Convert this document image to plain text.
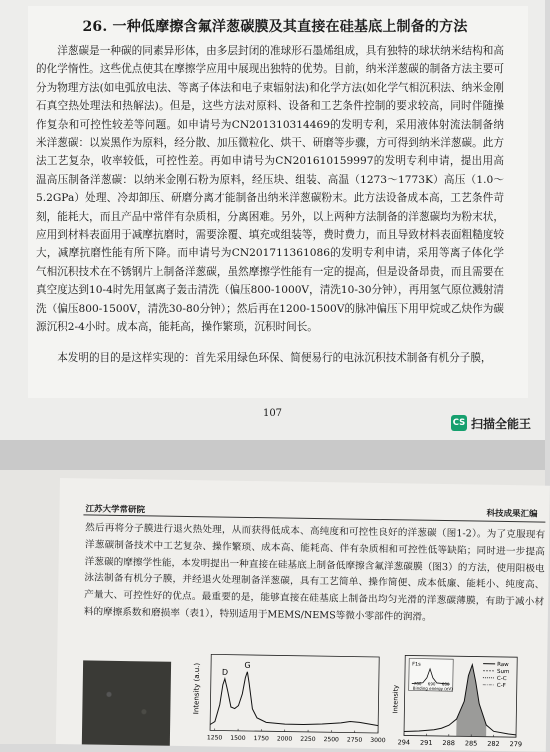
26. 一种低摩擦含氟洋葱碳膜及其直接在硅基底上制备的方法

洋葱碳是一种碳的同素异形体，由多层封闭的准球形石墨烯组成，具有独特的球状纳米结构和高的化学惰性。这些优点使其在摩擦学应用中展现出独特的优势。目前，纳米洋葱碳的制备方法主要可分为物理方法(如电弧放电法、等离子体法和电子束辐射法)和化学方法(如化学气相沉积法、纳米金刚石真空热处理法和热解法)。但是，这些方法对原料、设备和工艺条件控制的要求较高，同时伴随操作复杂和可控性较差等问题。如申请号为CN201310314469的发明专利，采用液体射流法制备纳米洋葱碳：以炭黑作为原料，经分散、加压微粒化、烘干、研磨等步骤，方可得到纳米洋葱碳。此方法工艺复杂，收率较低，可控性差。再如申请号为CN201610159997的发明专利申请，提出用高温高压制备洋葱碳：以纳米金刚石粉为原料，经压块、组装、高温（1273～1773K）高压（1.0～5.2GPa）处理、冷却卸压、研磨分离才能制备出纳米洋葱碳粉末。此方法设备成本高，工艺条件苛刻，能耗大，而且产品中常伴有杂质相，分离困难。另外，以上两种方法制备的洋葱碳均为粉末状，应用到材料表面用于减摩抗磨时，需要涂覆、填充或组装等，费时费力，而且导致材料表面粗糙度较大，减摩抗磨性能有所下降。而申请号为CN201711361086的发明专利申请，采用等离子体化学气相沉积技术在不锈钢片上制备洋葱碳，虽然摩擦学性能有一定的提高，但是设备昂贵，而且需要在真空度达到10-4时先用氩离子轰击清洗（偏压800-1000V，清洗10-30分钟），再用氢气原位溅射清洗（偏压800-1500V，清洗30-80分钟）；然后再在1200-1500V的脉冲偏压下用甲烷或乙炔作为碳源沉积2-4小时。成本高，能耗高，操作繁琐，沉积时间长。

本发明的目的是这样实现的：首先采用绿色环保、简便易行的电泳沉积技术制备有机分子膜，

107
CS 扫描全能王
江苏大学常研院	科技成果汇编

然后再将分子膜进行退火热处理，从而获得低成本、高纯度和可控性良好的洋葱碳（图1-2）。为了克服现有洋葱碳制备技术中工艺复杂、操作繁琐、成本高、能耗高、伴有杂质相和可控性低等缺陷；同时进一步提高洋葱碳的摩擦学性能，本发明提出一种直接在硅基底上制备低摩擦含氟洋葱碳膜（图3）的方法，使用阳极电泳法制备有机分子膜，并经退火处理制备洋葱碳，具有工艺简单、操作简便、成本低廉、能耗小、纯度高、产量大、可控性好的优点。最重要的是，能够直接在硅基底上制备出均匀光滑的洋葱碳薄膜，有助于减小材料的摩擦系数和磨损率（表1），特别适用于MEMS/NEMS等微小零部件的润滑。

Intensity (a.u.)
1250 1500 1750 2000 2250 2500 2750 3000
D
G
Intensity
F1s
Binding energy (eV)
700 690 680
Raw
Sum
C-C
C-F
294 291 288 285 282 279
